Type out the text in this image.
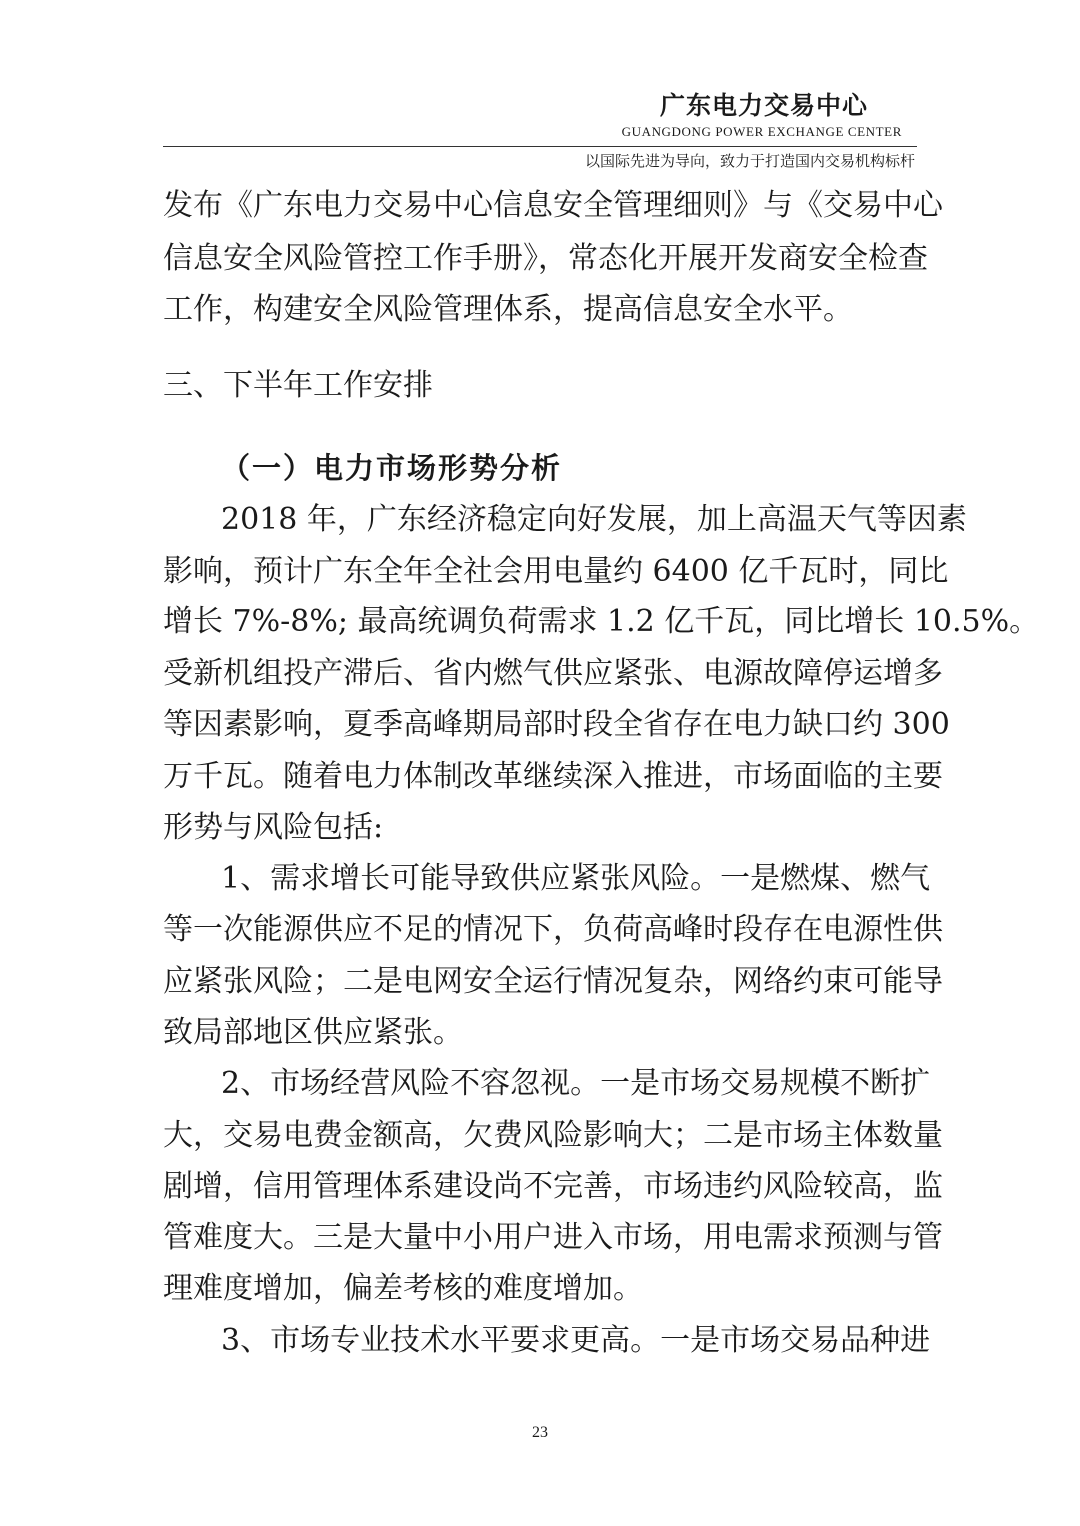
广东电力交易中心
GUANGDONG POWER EXCHANGE CENTER
以国际先进为导向，致力于打造国内交易机构标杆
发布《广东电力交易中心信息安全管理细则》与《交易中心
信息安全风险管控工作手册》，常态化开展开发商安全检查
工作，构建安全风险管理体系，提高信息安全水平。
三、下半年工作安排
（一）电力市场形势分析
2018 年，广东经济稳定向好发展，加上高温天气等因素
影响，预计广东全年全社会用电量约 6400 亿千瓦时，同比
增长 7%-8%; 最高统调负荷需求 1.2 亿千瓦，同比增长 10.5%。
受新机组投产滞后、省内燃气供应紧张、电源故障停运增多
等因素影响，夏季高峰期局部时段全省存在电力缺口约 300
万千瓦。随着电力体制改革继续深入推进，市场面临的主要
形势与风险包括:
1、需求增长可能导致供应紧张风险。一是燃煤、燃气
等一次能源供应不足的情况下，负荷高峰时段存在电源性供
应紧张风险；二是电网安全运行情况复杂，网络约束可能导
致局部地区供应紧张。
2、市场经营风险不容忽视。一是市场交易规模不断扩
大，交易电费金额高，欠费风险影响大；二是市场主体数量
剧增，信用管理体系建设尚不完善，市场违约风险较高，监
管难度大。三是大量中小用户进入市场，用电需求预测与管
理难度增加，偏差考核的难度增加。
3、市场专业技术水平要求更高。一是市场交易品种进
23
